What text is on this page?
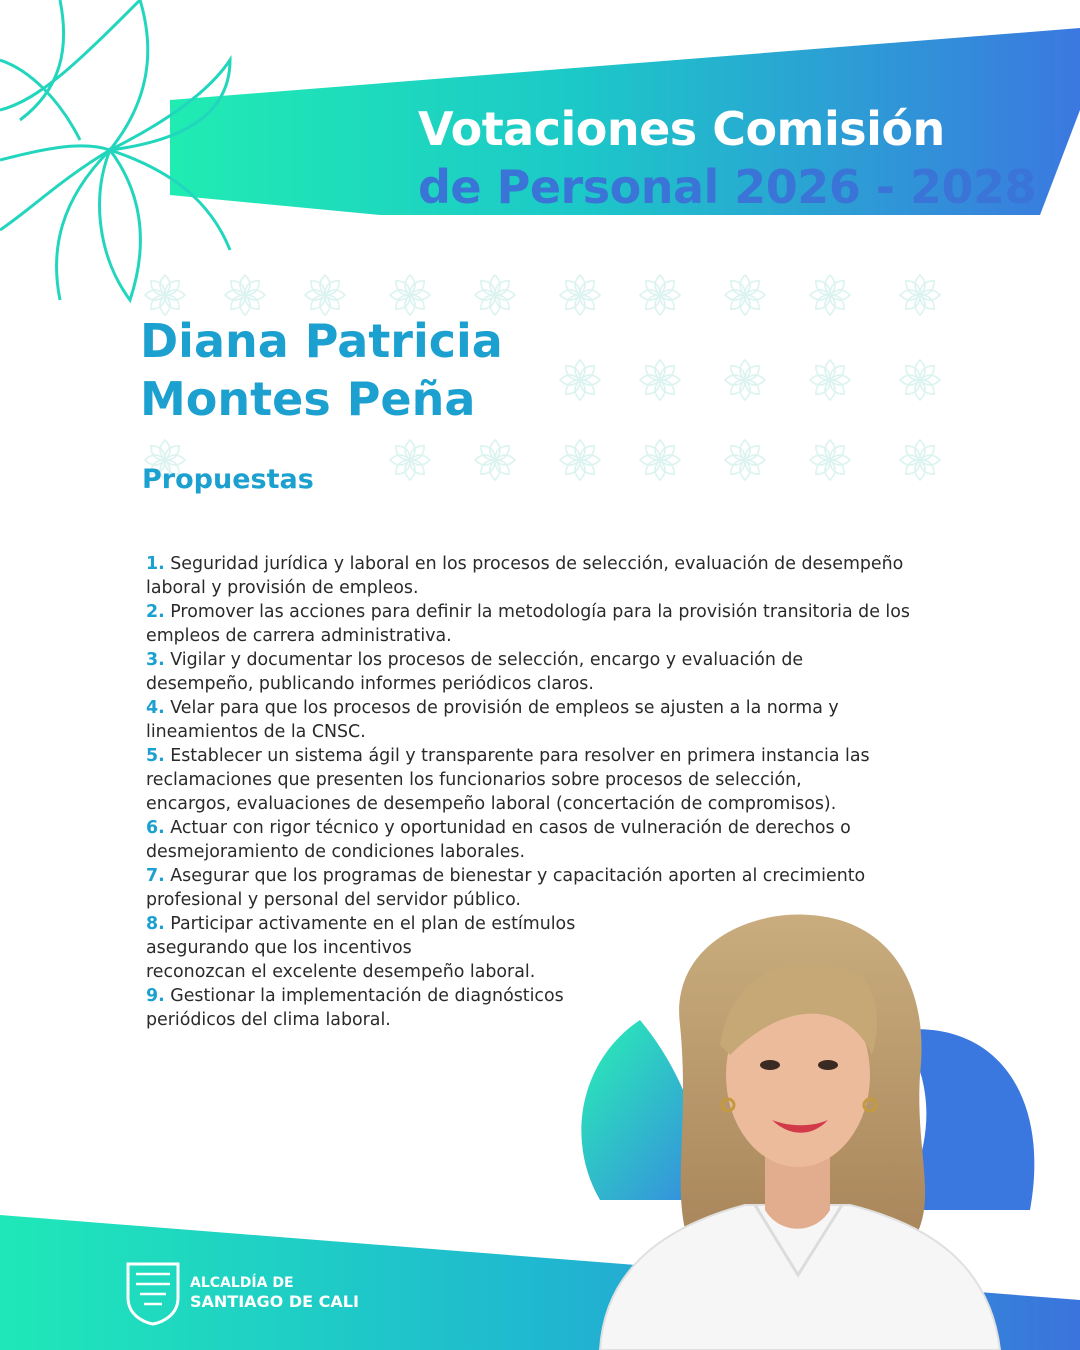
Votaciones Comisión
de Personal 2026 - 2028
Diana Patricia
Montes Peña
Propuestas
1. Seguridad jurídica y laboral en los procesos de selección, evaluación de desempeño
laboral y provisión de empleos.
2. Promover las acciones para definir la metodología para la provisión transitoria de los
empleos de carrera administrativa.
3. Vigilar y documentar los procesos de selección, encargo y evaluación de
desempeño, publicando informes periódicos claros.
4. Velar para que los procesos de provisión de empleos se ajusten a la norma y
lineamientos de la CNSC.
5. Establecer un sistema ágil y transparente para resolver en primera instancia las
reclamaciones que presenten los funcionarios sobre procesos de selección,
encargos, evaluaciones de desempeño laboral (concertación de compromisos).
6. Actuar con rigor técnico y oportunidad en casos de vulneración de derechos o
desmejoramiento de condiciones laborales.
7. Asegurar que los programas de bienestar y capacitación aporten al crecimiento
profesional y personal del servidor público.
8. Participar activamente en el plan de estímulos
asegurando que los incentivos
reconozcan el excelente desempeño laboral.
9. Gestionar la implementación de diagnósticos
periódicos del clima laboral.
ALCALDÍA DE
SANTIAGO DE CALI
